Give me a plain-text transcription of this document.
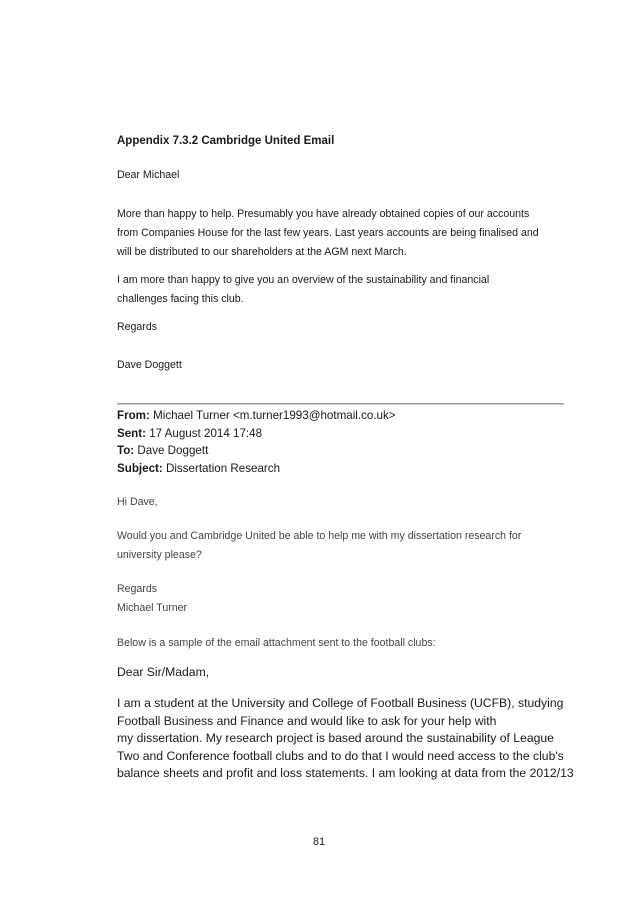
Appendix 7.3.2 Cambridge United Email

Dear Michael

More than happy to help. Presumably you have already obtained copies of our accounts
from Companies House for the last few years. Last years accounts are being finalised and
will be distributed to our shareholders at the AGM next March.

I am more than happy to give you an overview of the sustainability and financial
challenges facing this club.

Regards

Dave Doggett

From: Michael Turner <m.turner1993@hotmail.co.uk>
Sent: 17 August 2014 17:48
To: Dave Doggett
Subject: Dissertation Research

Hi Dave,

Would you and Cambridge United be able to help me with my dissertation research for
university please?

Regards
Michael Turner

Below is a sample of the email attachment sent to the football clubs:

Dear Sir/Madam,

I am a student at the University and College of Football Business (UCFB), studying
Football Business and Finance and would like to ask for your help with
my dissertation. My research project is based around the sustainability of League
Two and Conference football clubs and to do that I would need access to the club's
balance sheets and profit and loss statements. I am looking at data from the 2012/13

81
